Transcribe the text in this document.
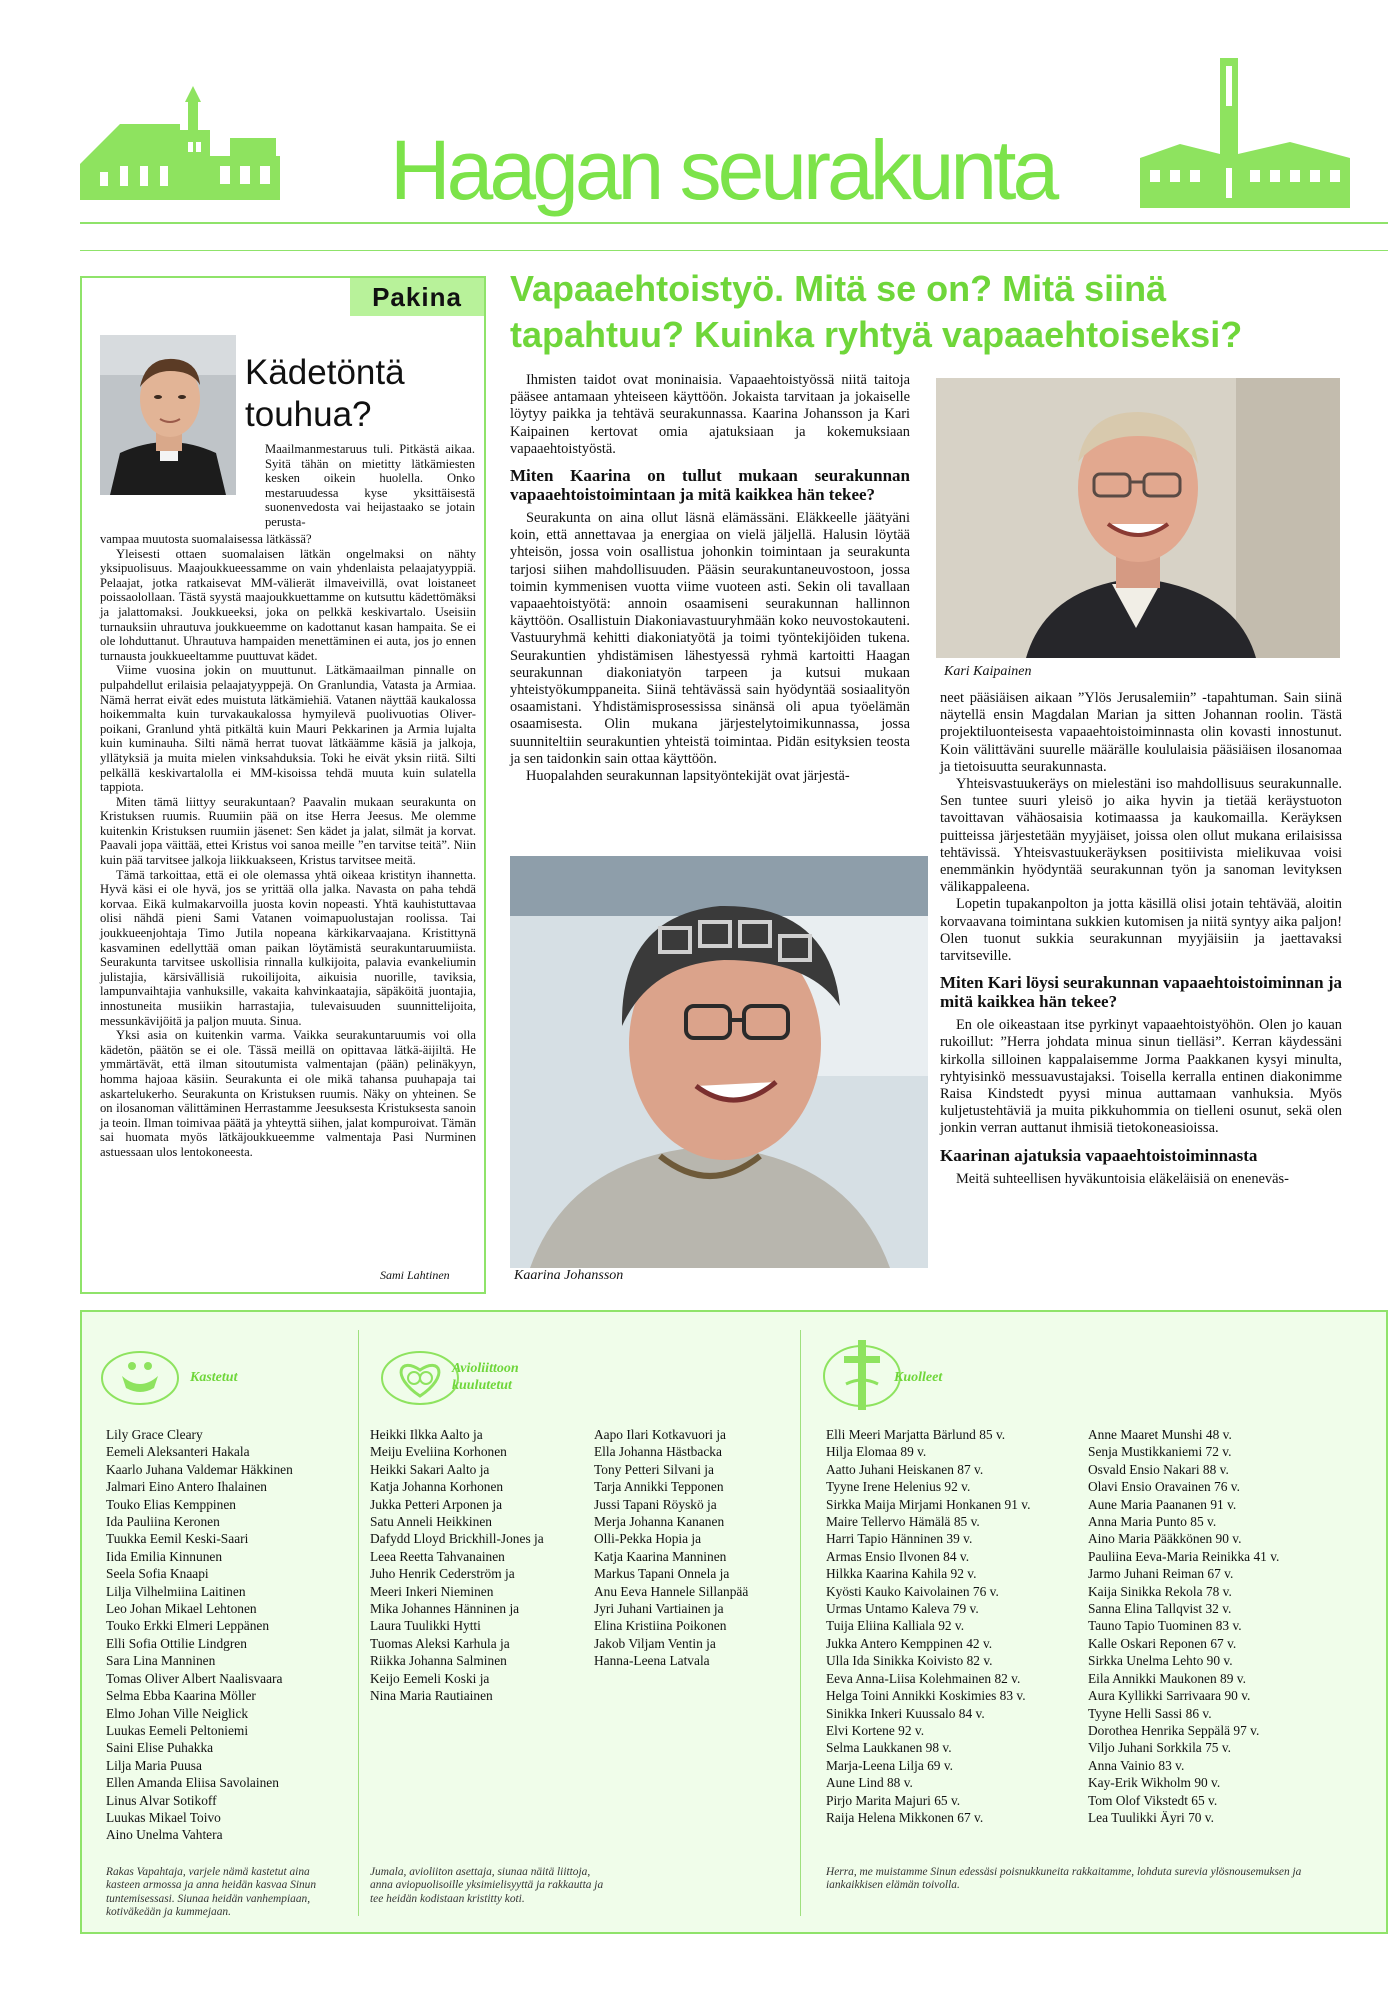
Haagan seurakunta
Pakina
Kädetöntä touhua?
Maailmanmestaruus tuli. Pitkästä aikaa. Syitä tähän on mietitty lätkämiesten kesken oikein huolella. Onko mestaruudessa kyse yksittäisestä suonenvedosta vai heijastaako se jotain perusta-

vampaa muutosta suomalaisessa lätkässä?

Yleisesti ottaen suomalaisen lätkän ongelmaksi on nähty yksipuolisuus. Maajoukkueessamme on vain yhdenlaista pelaajatyyppiä. Pelaajat, jotka ratkaisevat MM-välierät ilmaveivillä, ovat loistaneet poissaolollaan. Tästä syystä maajoukkuettamme on kutsuttu kädettömäksi ja jalattomaksi. Joukkueeksi, joka on pelkkä keskivartalo. Useisiin turnauksiin uhrautuva joukkueemme on kadottanut kasan hampaita. Se ei ole lohduttanut. Uhrautuva hampaiden menettäminen ei auta, jos jo ennen turnausta joukkueeltamme puuttuvat kädet.

Viime vuosina jokin on muuttunut. Lätkämaailman pinnalle on pulpahdellut erilaisia pelaajatyyppejä. On Granlundia, Vatasta ja Armiaa. Nämä herrat eivät edes muistuta lätkämiehiä. Vatanen näyttää kaukalossa hoikemmalta kuin turvakaukalossa hymyilevä puolivuotias Oliver-poikani, Granlund yhtä pitkältä kuin Mauri Pekkarinen ja Armia lujalta kuin kuminauha. Silti nämä herrat tuovat lätkäämme käsiä ja jalkoja, yllätyksiä ja muita mielen vinksahduksia. Toki he eivät yksin riitä. Silti pelkällä keskivartalolla ei MM-kisoissa tehdä muuta kuin sulatella tappiota.

Miten tämä liittyy seurakuntaan? Paavalin mukaan seurakunta on Kristuksen ruumis. Ruumiin pää on itse Herra Jeesus. Me olemme kuitenkin Kristuksen ruumiin jäsenet: Sen kädet ja jalat, silmät ja korvat. Paavali jopa väittää, ettei Kristus voi sanoa meille ”en tarvitse teitä”. Niin kuin pää tarvitsee jalkoja liikkuakseen, Kristus tarvitsee meitä.

Tämä tarkoittaa, että ei ole olemassa yhtä oikeaa kristityn ihannetta. Hyvä käsi ei ole hyvä, jos se yrittää olla jalka. Navasta on paha tehdä korvaa. Eikä kulmakarvoilla juosta kovin nopeasti. Yhtä kauhistuttavaa olisi nähdä pieni Sami Vatanen voimapuolustajan roolissa. Tai joukkueenjohtaja Timo Jutila nopeana kärkikarvaajana. Kristittynä kasvaminen edellyttää oman paikan löytämistä seurakuntaruumiista. Seurakunta tarvitsee uskollisia rinnalla kulkijoita, palavia evankeliumin julistajia, kärsivällisiä rukoilijoita, aikuisia nuorille, taviksia, lampunvaihtajia vanhuksille, vakaita kahvinkaatajia, säpäköitä juontajia, innostuneita musiikin harrastajia, tulevaisuuden suunnittelijoita, messunkävijöitä ja paljon muuta. Sinua.

Yksi asia on kuitenkin varma. Vaikka seurakuntaruumis voi olla kädetön, päätön se ei ole. Tässä meillä on opittavaa lätkä-äijiltä. He ymmärtävät, että ilman sitoutumista valmentajan (pään) pelinäkyyn, homma hajoaa käsiin. Seurakunta ei ole mikä tahansa puuhapaja tai askartelukerho. Seurakunta on Kristuksen ruumis. Näky on yhteinen. Se on ilosanoman välittäminen Herrastamme Jeesuksesta Kristuksesta sanoin ja teoin. Ilman toimivaa päätä ja yhteyttä siihen, jalat kompuroivat. Tämän sai huomata myös lätkäjoukkueemme valmentaja Pasi Nurminen astuessaan ulos lentokoneesta.

Sami Lahtinen
Vapaaehtoistyö. Mitä se on? Mitä siinä tapahtuu? Kuinka ryhtyä vapaaehtoiseksi?

Ihmisten taidot ovat moninaisia. Vapaaehtoistyössä niitä taitoja pääsee antamaan yhteiseen käyttöön. Jokaista tarvitaan ja jokaiselle löytyy paikka ja tehtävä seurakunnassa. Kaarina Johansson ja Kari Kaipainen kertovat omia ajatuksiaan ja kokemuksiaan vapaaehtoistyöstä.

Miten Kaarina on tullut mukaan seurakunnan vapaaehtoistoimintaan ja mitä kaikkea hän tekee?

Seurakunta on aina ollut läsnä elämässäni. Eläkkeelle jäätyäni koin, että annettavaa ja energiaa on vielä jäljellä. Halusin löytää yhteisön, jossa voin osallistua johonkin toimintaan ja seurakunta tarjosi siihen mahdollisuuden. Pääsin seurakuntaneuvostoon, jossa toimin kymmenisen vuotta viime vuoteen asti. Sekin oli tavallaan vapaaehtoistyötä: annoin osaamiseni seurakunnan hallinnon käyttöön. Osallistuin Diakoniavastuuryhmään koko neuvostokauteni. Vastuuryhmä kehitti diakoniatyötä ja toimi työntekijöiden tukena. Seurakuntien yhdistämisen lähestyessä ryhmä kartoitti Haagan seurakunnan diakoniatyön tarpeen ja kutsui mukaan yhteistyökumppaneita. Siinä tehtävässä sain hyödyntää sosiaalityön osaamistani. Yhdistämisprosessissa sinänsä oli apua työelämän osaamisesta. Olin mukana järjestelytoimikunnassa, jossa suunniteltiin seurakuntien yhteistä toimintaa. Pidän esityksien teosta ja sen taidonkin sain ottaa käyttöön.

Huopalahden seurakunnan lapsityöntekijät ovat järjestä-

Kari Kaipainen
Kaarina Johansson

neet pääsiäisen aikaan ”Ylös Jerusalemiin” -tapahtuman. Sain siinä näytellä ensin Magdalan Marian ja sitten Johannan roolin. Tästä projektiluonteisesta vapaaehtoistoiminnasta olin kovasti innostunut. Koin välittäväni suurelle määrälle koululaisia pääsiäisen ilosanomaa ja tietoisuutta seurakunnasta.

Yhteisvastuukeräys on mielestäni iso mahdollisuus seurakunnalle. Sen tuntee suuri yleisö jo aika hyvin ja tietää keräystuoton tavoittavan vähäosaisia kotimaassa ja kaukomailla. Keräyksen puitteissa järjestetään myyjäiset, joissa olen ollut mukana erilaisissa tehtävissä. Yhteisvastuukeräyksen positiivista mielikuvaa voisi enemmänkin hyödyntää seurakunnan työn ja sanoman levityksen välikappaleena.

Lopetin tupakanpolton ja jotta käsillä olisi jotain tehtävää, aloitin korvaavana toimintana sukkien kutomisen ja niitä syntyy aika paljon! Olen tuonut sukkia seurakunnan myyjäisiin ja jaettavaksi tarvitseville.

Miten Kari löysi seurakunnan vapaaehtoistoiminnan ja mitä kaikkea hän tekee?

En ole oikeastaan itse pyrkinyt vapaaehtoistyöhön. Olen jo kauan rukoillut: ”Herra johdata minua sinun tielläsi”. Kerran käydessäni kirkolla silloinen kappalaisemme Jorma Paakkanen kysyi minulta, ryhtyisinkö messuavustajaksi. Toisella kerralla entinen diakonimme Raisa Kindstedt pyysi minua auttamaan vanhuksia. Myös kuljetustehtäviä ja muita pikkuhommia on tielleni osunut, sekä olen jonkin verran auttanut ihmisiä tietokoneasioissa.

Kaarinan ajatuksia vapaaehtoistoiminnasta

Meitä suhteellisen hyväkuntoisia eläkeläisiä on eneneväs-

Kastetut
Avioliittoon kuulutetut
Kuolleet
Lily Grace Cleary
Eemeli Aleksanteri Hakala
Kaarlo Juhana Valdemar Häkkinen
Jalmari Eino Antero Ihalainen
Touko Elias Kemppinen
Ida Pauliina Keronen
Tuukka Eemil Keski-Saari
Iida Emilia Kinnunen
Seela Sofia Knaapi
Lilja Vilhelmiina Laitinen
Leo Johan Mikael Lehtonen
Touko Erkki Elmeri Leppänen
Elli Sofia Ottilie Lindgren
Sara Lina Manninen
Tomas Oliver Albert Naalisvaara
Selma Ebba Kaarina Möller
Elmo Johan Ville Neiglick
Luukas Eemeli Peltoniemi
Saini Elise Puhakka
Lilja Maria Puusa
Ellen Amanda Eliisa Savolainen
Linus Alvar Sotikoff
Luukas Mikael Toivo
Aino Unelma Vahtera
Heikki Ilkka Aalto ja
Meiju Eveliina Korhonen
Heikki Sakari Aalto ja
Katja Johanna Korhonen
Jukka Petteri Arponen ja
Satu Anneli Heikkinen
Dafydd Lloyd Brickhill-Jones ja
Leea Reetta Tahvanainen
Juho Henrik Cederström ja
Meeri Inkeri Nieminen
Mika Johannes Hänninen ja
Laura Tuulikki Hytti
Tuomas Aleksi Karhula ja
Riikka Johanna Salminen
Keijo Eemeli Koski ja
Nina Maria Rautiainen
Aapo Ilari Kotkavuori ja
Ella Johanna Hästbacka
Tony Petteri Silvani ja
Tarja Annikki Tepponen
Jussi Tapani Röyskö ja
Merja Johanna Kananen
Olli-Pekka Hopia ja
Katja Kaarina Manninen
Markus Tapani Onnela ja
Anu Eeva Hannele Sillanpää
Jyri Juhani Vartiainen ja
Elina Kristiina Poikonen
Jakob Viljam Ventin ja
Hanna-Leena Latvala
Elli Meeri Marjatta Bärlund 85 v.
Hilja Elomaa 89 v.
Aatto Juhani Heiskanen 87 v.
Tyyne Irene Helenius 92 v.
Sirkka Maija Mirjami Honkanen 91 v.
Maire Tellervo Hämälä 85 v.
Harri Tapio Hänninen 39 v.
Armas Ensio Ilvonen 84 v.
Hilkka Kaarina Kahila 92 v.
Kyösti Kauko Kaivolainen 76 v.
Urmas Untamo Kaleva 79 v.
Tuija Eliina Kalliala 92 v.
Jukka Antero Kemppinen 42 v.
Ulla Ida Sinikka Koivisto 82 v.
Eeva Anna-Liisa Kolehmainen 82 v.
Helga Toini Annikki Koskimies 83 v.
Sinikka Inkeri Kuussalo 84 v.
Elvi Kortene 92 v.
Selma Laukkanen 98 v.
Marja-Leena Lilja 69 v.
Aune Lind 88 v.
Pirjo Marita Majuri 65 v.
Raija Helena Mikkonen 67 v.
Anne Maaret Munshi 48 v.
Senja Mustikkaniemi 72 v.
Osvald Ensio Nakari 88 v.
Olavi Ensio Oravainen 76 v.
Aune Maria Paananen 91 v.
Anna Maria Punto 85 v.
Aino Maria Pääkkönen 90 v.
Pauliina Eeva-Maria Reinikka 41 v.
Jarmo Juhani Reiman 67 v.
Kaija Sinikka Rekola 78 v.
Sanna Elina Tallqvist 32 v.
Tauno Tapio Tuominen 83 v.
Kalle Oskari Reponen 67 v.
Sirkka Unelma Lehto 90 v.
Eila Annikki Maukonen 89 v.
Aura Kyllikki Sarrivaara 90 v.
Tyyne Helli Sassi 86 v.
Dorothea Henrika Seppälä 97 v.
Viljo Juhani Sorkkila 75 v.
Anna Vainio 83 v.
Kay-Erik Wikholm 90 v.
Tom Olof Vikstedt 65 v.
Lea Tuulikki Äyri 70 v.
Rakas Vapahtaja, varjele nämä kastetut aina kasteen armossa ja anna heidän kasvaa Sinun tuntemisessasi. Siunaa heidän vanhempiaan, kotiväkeään ja kummejaan.
Jumala, avioliiton asettaja, siunaa näitä liittoja, anna aviopuolisoille yksimielisyyttä ja rakkautta ja tee heidän kodistaan kristitty koti.
Herra, me muistamme Sinun edessäsi poisnukkuneita rakkaitamme, lohduta surevia ylösnousemuksen ja iankaikkisen elämän toivolla.
